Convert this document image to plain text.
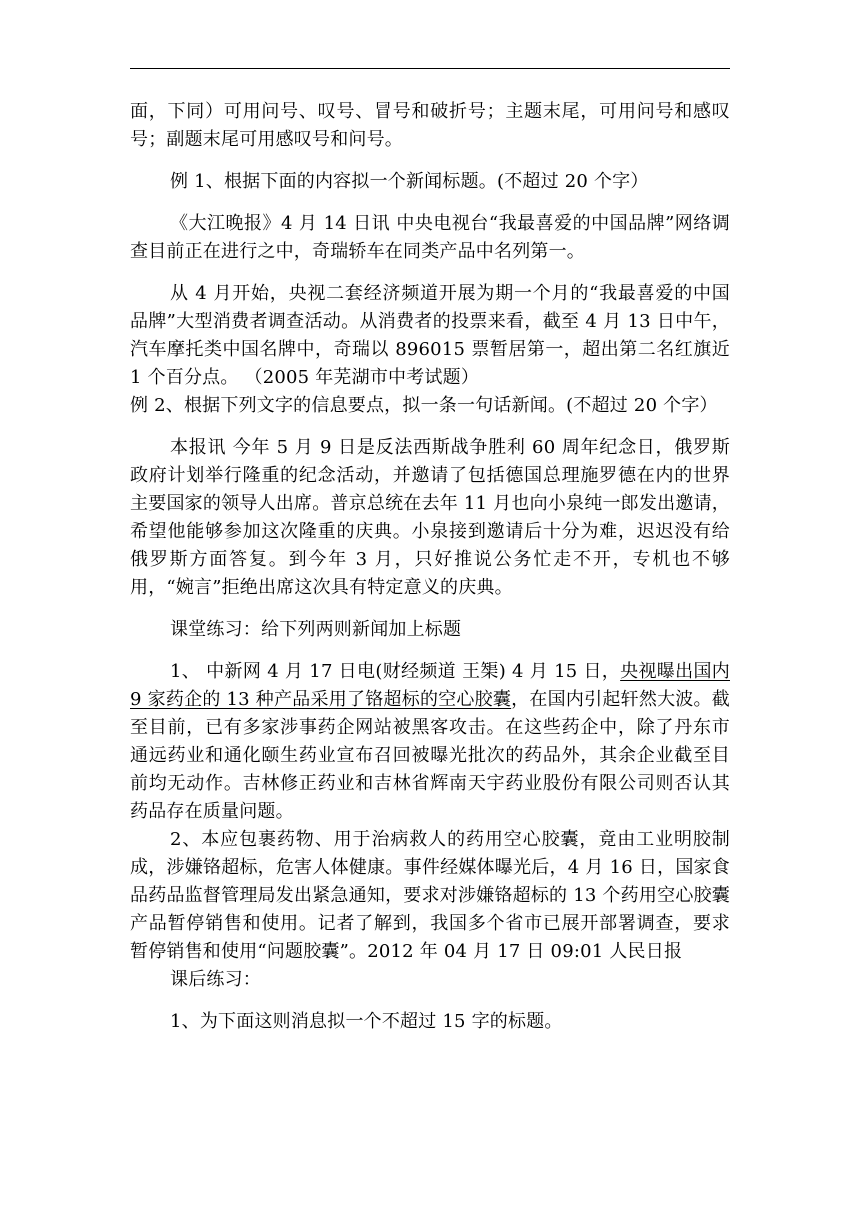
面，下同）可用问号、叹号、冒号和破折号；主题末尾，可用问号和感叹号；副题末尾可用感叹号和问号。

例 1、根据下面的内容拟一个新闻标题。(不超过 20 个字）

《大江晚报》4 月 14 日讯 中央电视台“我最喜爱的中国品牌”网络调查目前正在进行之中，奇瑞轿车在同类产品中名列第一。

从 4 月开始，央视二套经济频道开展为期一个月的“我最喜爱的中国品牌”大型消费者调查活动。从消费者的投票来看，截至 4 月 13 日中午，汽车摩托类中国名牌中，奇瑞以 896015 票暂居第一，超出第二名红旗近 1 个百分点。 （2005 年芜湖市中考试题）

例 2、根据下列文字的信息要点，拟一条一句话新闻。(不超过 20 个字）

本报讯 今年 5 月 9 日是反法西斯战争胜利 60 周年纪念日，俄罗斯政府计划举行隆重的纪念活动，并邀请了包括德国总理施罗德在内的世界主要国家的领导人出席。普京总统在去年 11 月也向小泉纯一郎发出邀请，希望他能够参加这次隆重的庆典。小泉接到邀请后十分为难，迟迟没有给俄罗斯方面答复。到今年 3 月，只好推说公务忙走不开，专机也不够用，“婉言”拒绝出席这次具有特定意义的庆典。

课堂练习：给下列两则新闻加上标题

1、 中新网 4 月 17 日电(财经频道 王榘) 4 月 15 日，央视曝出国内 9 家药企的 13 种产品采用了铬超标的空心胶囊，在国内引起轩然大波。截至目前，已有多家涉事药企网站被黑客攻击。在这些药企中，除了丹东市通远药业和通化颐生药业宣布召回被曝光批次的药品外，其余企业截至目前均无动作。吉林修正药业和吉林省辉南天宇药业股份有限公司则否认其药品存在质量问题。

2、本应包裹药物、用于治病救人的药用空心胶囊，竟由工业明胶制成，涉嫌铬超标，危害人体健康。事件经媒体曝光后，4 月 16 日，国家食品药品监督管理局发出紧急通知，要求对涉嫌铬超标的 13 个药用空心胶囊产品暂停销售和使用。记者了解到，我国多个省市已展开部署调查，要求暂停销售和使用“问题胶囊”。2012 年 04 月 17 日 09:01 人民日报

课后练习：

1、为下面这则消息拟一个不超过 15 字的标题。
